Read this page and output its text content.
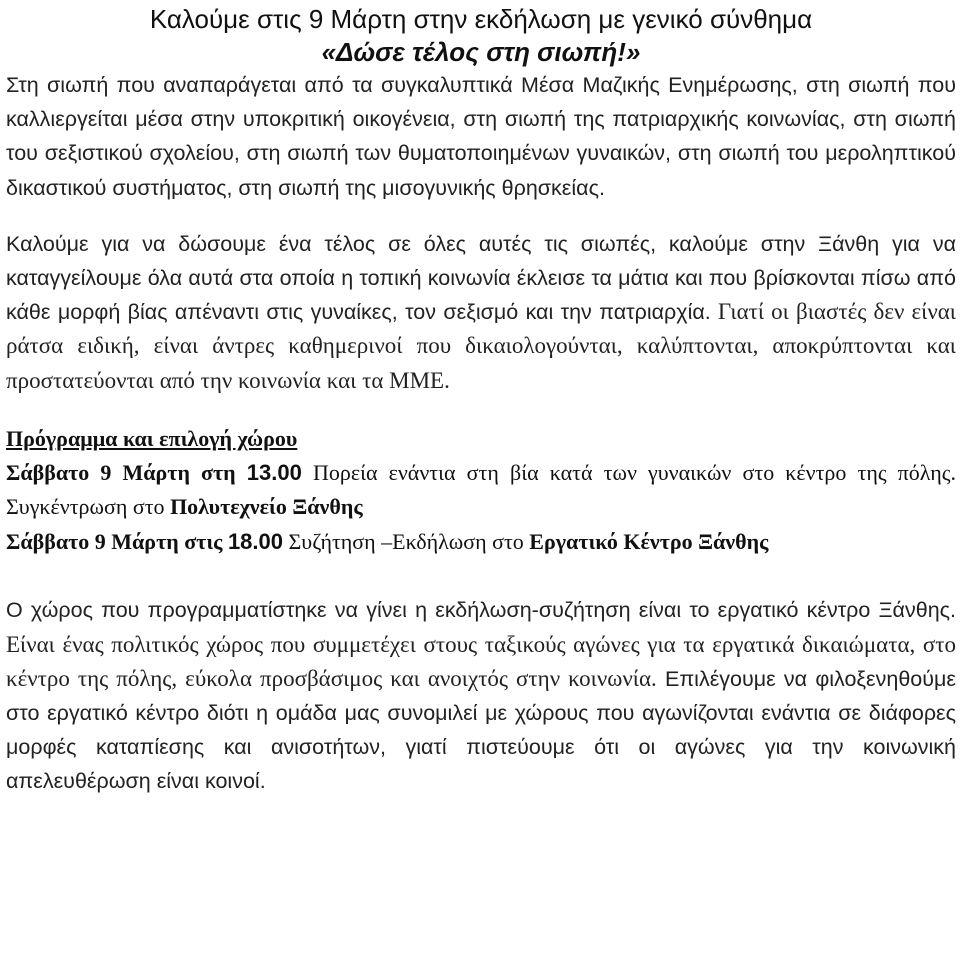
Καλούμε στις 9 Μάρτη στην εκδήλωση με γενικό σύνθημα
«Δώσε τέλος στη σιωπή!»

Στη σιωπή που αναπαράγεται από τα συγκαλυπτικά Μέσα Μαζικής Ενημέρωσης, στη σιωπή που καλλιεργείται μέσα στην υποκριτική οικογένεια, στη σιωπή της πατριαρχικής κοινωνίας, στη σιωπή του σεξιστικού σχολείου, στη σιωπή των θυματοποιημένων γυναικών, στη σιωπή του μεροληπτικού δικαστικού συστήματος, στη σιωπή της μισογυνικής θρησκείας.

Καλούμε για να δώσουμε ένα τέλος σε όλες αυτές τις σιωπές, καλούμε στην Ξάνθη για να καταγγείλουμε όλα αυτά στα οποία η τοπική κοινωνία έκλεισε τα μάτια και που βρίσκονται πίσω από κάθε μορφή βίας απέναντι στις γυναίκες, τον σεξισμό και την πατριαρχία. Γιατί οι βιαστές δεν είναι ράτσα ειδική, είναι άντρες καθημερινοί που δικαιολογούνται, καλύπτονται, αποκρύπτονται και προστατεύονται από την κοινωνία και τα ΜΜΕ.

Πρόγραμμα και επιλογή χώρου

Σάββατο 9 Μάρτη στη 13.00 Πορεία ενάντια στη βία κατά των γυναικών στο κέντρο της πόλης. Συγκέντρωση στο Πολυτεχνείο Ξάνθης

Σάββατο 9 Μάρτη στις 18.00 Συζήτηση –Εκδήλωση στο Εργατικό Κέντρο Ξάνθης

Ο χώρος που προγραμματίστηκε να γίνει η εκδήλωση-συζήτηση είναι το εργατικό κέντρο Ξάνθης. Είναι ένας πολιτικός χώρος που συμμετέχει στους ταξικούς αγώνες για τα εργατικά δικαιώματα, στο κέντρο της πόλης, εύκολα προσβάσιμος και ανοιχτός στην κοινωνία. Επιλέγουμε να φιλοξενηθούμε στο εργατικό κέντρο διότι η ομάδα μας συνομιλεί με χώρους που αγωνίζονται ενάντια σε διάφορες μορφές καταπίεσης και ανισοτήτων, γιατί πιστεύουμε ότι οι αγώνες για την κοινωνική απελευθέρωση είναι κοινοί.
